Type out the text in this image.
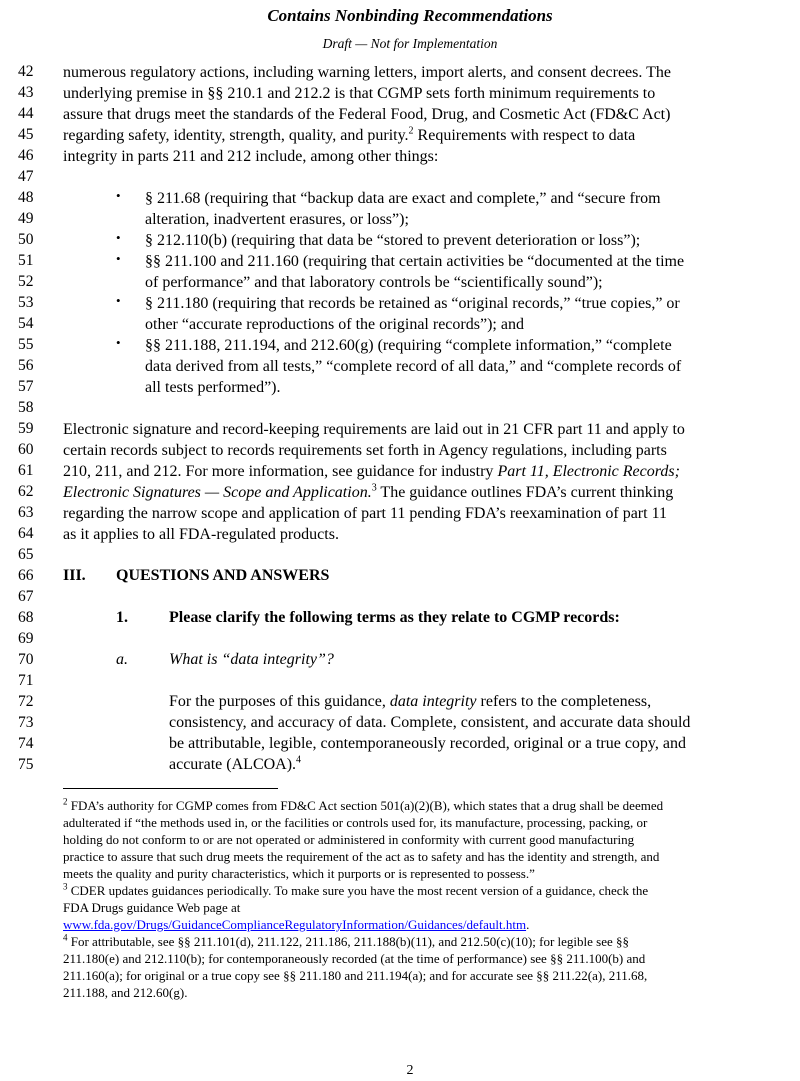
Contains Nonbinding Recommendations
Draft — Not for Implementation
42
43
44
45
46
47
48
49
50
51
52
53
54
55
56
57
58
59
60
61
62
63
64
65
66
67
68
69
70
71
72
73
74
75
numerous regulatory actions, including warning letters, import alerts, and consent decrees. The
underlying premise in §§ 210.1 and 212.2 is that CGMP sets forth minimum requirements to
assure that drugs meet the standards of the Federal Food, Drug, and Cosmetic Act (FD&C Act)
regarding safety, identity, strength, quality, and purity.$^2$ Requirements with respect to data
integrity in parts 211 and 212 include, among other things:
• § 211.68 (requiring that “backup data are exact and complete,” and “secure from
alteration, inadvertent erasures, or loss”);
• § 212.110(b) (requiring that data be “stored to prevent deterioration or loss”);
• §§ 211.100 and 211.160 (requiring that certain activities be “documented at the time
of performance” and that laboratory controls be “scientifically sound”);
• § 211.180 (requiring that records be retained as “original records,” “true copies,” or
other “accurate reproductions of the original records”); and
• §§ 211.188, 211.194, and 212.60(g) (requiring “complete information,” “complete
data derived from all tests,” “complete record of all data,” and “complete records of
all tests performed”).
Electronic signature and record-keeping requirements are laid out in 21 CFR part 11 and apply to
certain records subject to records requirements set forth in Agency regulations, including parts
210, 211, and 212. For more information, see guidance for industry Part 11, Electronic Records;
Electronic Signatures — Scope and Application.$^3$ The guidance outlines FDA’s current thinking
regarding the narrow scope and application of part 11 pending FDA’s reexamination of part 11
as it applies to all FDA-regulated products.
III. QUESTIONS AND ANSWERS
1.	Please clarify the following terms as they relate to CGMP records:
a.	What is “data integrity”?
For the purposes of this guidance, data integrity refers to the completeness,
consistency, and accuracy of data. Complete, consistent, and accurate data should
be attributable, legible, contemporaneously recorded, original or a true copy, and
accurate (ALCOA).$^4$
$^2$ FDA’s authority for CGMP comes from FD&C Act section 501(a)(2)(B), which states that a drug shall be deemed
adulterated if “the methods used in, or the facilities or controls used for, its manufacture, processing, packing, or
holding do not conform to or are not operated or administered in conformity with current good manufacturing
practice to assure that such drug meets the requirement of the act as to safety and has the identity and strength, and
meets the quality and purity characteristics, which it purports or is represented to possess.”
$^3$ CDER updates guidances periodically. To make sure you have the most recent version of a guidance, check the
FDA Drugs guidance Web page at
www.fda.gov/Drugs/GuidanceComplianceRegulatoryInformation/Guidances/default.htm.
$^4$ For attributable, see §§ 211.101(d), 211.122, 211.186, 211.188(b)(11), and 212.50(c)(10); for legible see §§
211.180(e) and 212.110(b); for contemporaneously recorded (at the time of performance) see §§ 211.100(b) and
211.160(a); for original or a true copy see §§ 211.180 and 211.194(a); and for accurate see §§ 211.22(a), 211.68,
211.188, and 212.60(g).
2
